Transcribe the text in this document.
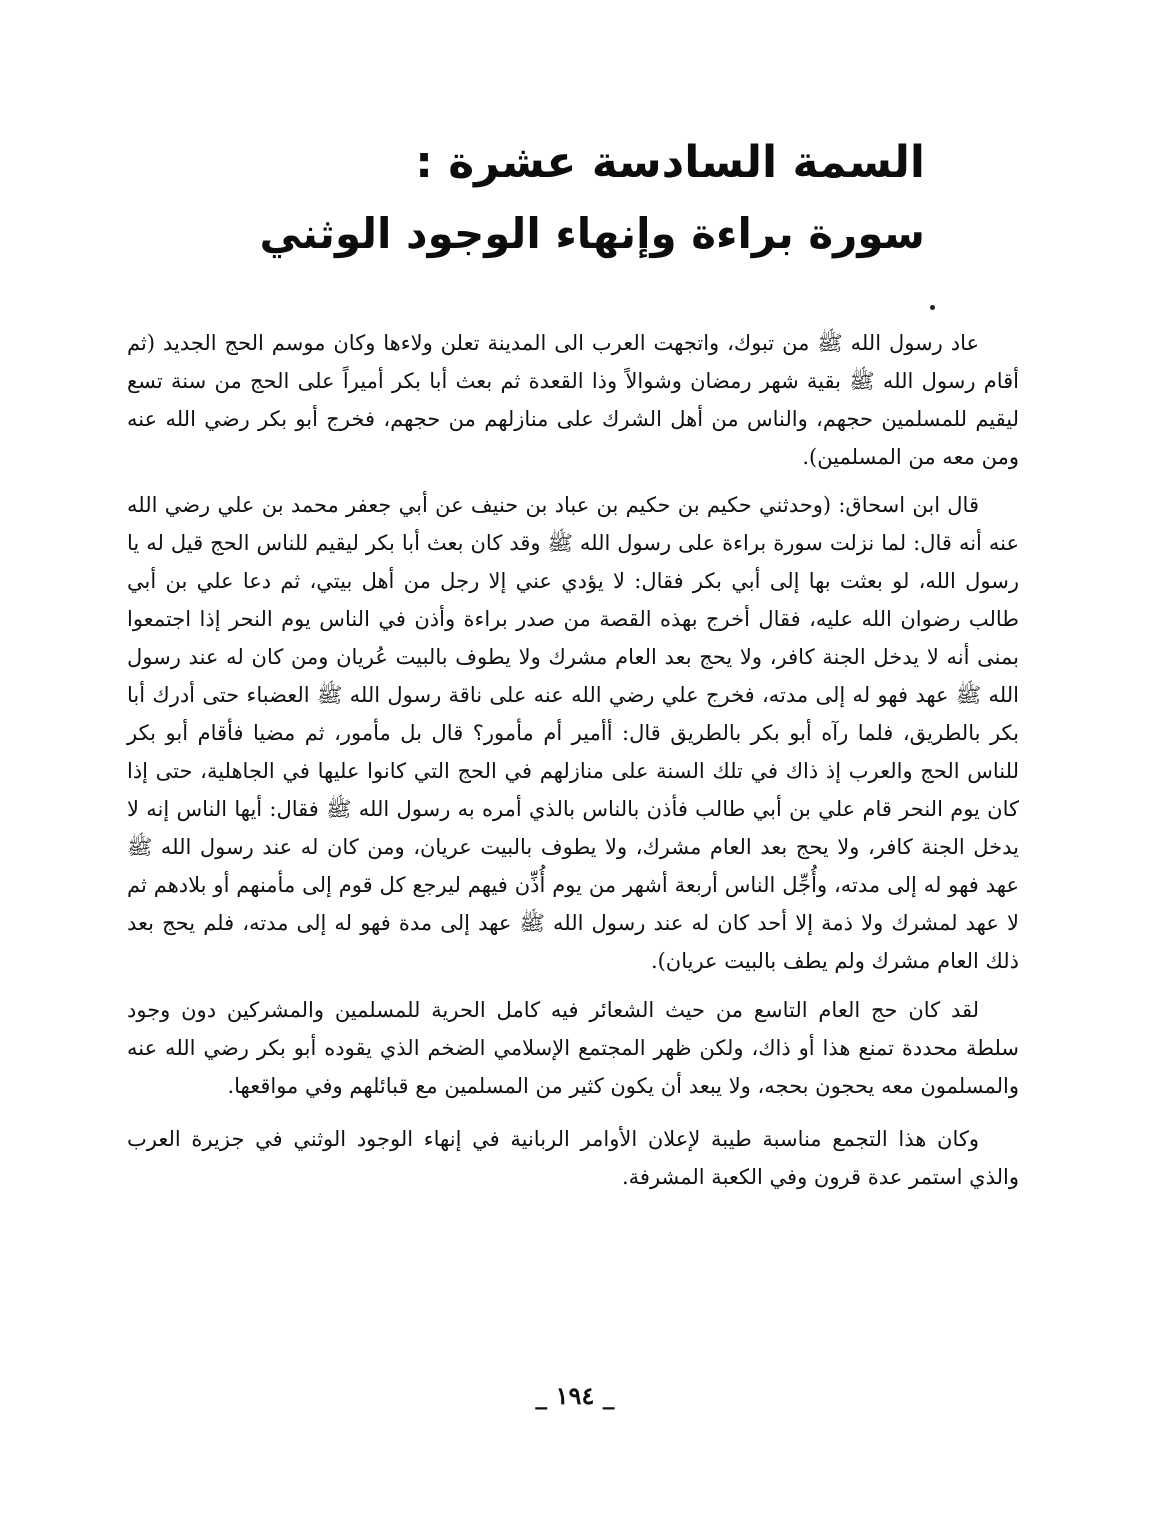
السمة السادسة عشرة :
سورة براءة وإنهاء الوجود الوثني

عاد رسول الله ﷺ من تبوك، واتجهت العرب الى المدينة تعلن ولاءها وكان موسم الحج الجديد (ثم أقام رسول الله ﷺ بقية شهر رمضان وشوالاً وذا القعدة ثم بعث أبا بكر أميراً على الحج من سنة تسع ليقيم للمسلمين حجهم، والناس من أهل الشرك على منازلهم من حجهم، فخرج أبو بكر رضي الله عنه ومن معه من المسلمين).

قال ابن اسحاق: (وحدثني حكيم بن حكيم بن عباد بن حنيف عن أبي جعفر محمد بن علي رضي الله عنه أنه قال: لما نزلت سورة براءة على رسول الله ﷺ وقد كان بعث أبا بكر ليقيم للناس الحج قيل له يا رسول الله، لو بعثت بها إلى أبي بكر فقال: لا يؤدي عني إلا رجل من أهل بيتي، ثم دعا علي بن أبي طالب رضوان الله عليه، فقال أخرج بهذه القصة من صدر براءة وأذن في الناس يوم النحر إذا اجتمعوا بمنى أنه لا يدخل الجنة كافر، ولا يحج بعد العام مشرك ولا يطوف بالبيت عُريان ومن كان له عند رسول الله ﷺ عهد فهو له إلى مدته، فخرج علي رضي الله عنه على ناقة رسول الله ﷺ العضباء حتى أدرك أبا بكر بالطريق، فلما رآه أبو بكر بالطريق قال: أأمير أم مأمور؟ قال بل مأمور، ثم مضيا فأقام أبو بكر للناس الحج والعرب إذ ذاك في تلك السنة على منازلهم في الحج التي كانوا عليها في الجاهلية، حتى إذا كان يوم النحر قام علي بن أبي طالب فأذن بالناس بالذي أمره به رسول الله ﷺ فقال: أيها الناس إنه لا يدخل الجنة كافر، ولا يحج بعد العام مشرك، ولا يطوف بالبيت عريان، ومن كان له عند رسول الله ﷺ عهد فهو له إلى مدته، وأُجِّل الناس أربعة أشهر من يوم أُذِّن فيهم ليرجع كل قوم إلى مأمنهم أو بلادهم ثم لا عهد لمشرك ولا ذمة إلا أحد كان له عند رسول الله ﷺ عهد إلى مدة فهو له إلى مدته، فلم يحج بعد ذلك العام مشرك ولم يطف بالبيت عريان).

لقد كان حج العام التاسع من حيث الشعائر فيه كامل الحرية للمسلمين والمشركين دون وجود سلطة محددة تمنع هذا أو ذاك، ولكن ظهر المجتمع الإسلامي الضخم الذي يقوده أبو بكر رضي الله عنه والمسلمون معه يحجون بحجه، ولا يبعد أن يكون كثير من المسلمين مع قبائلهم وفي مواقعها.

وكان هذا التجمع مناسبة طيبة لإعلان الأوامر الربانية في إنهاء الوجود الوثني في جزيرة العرب والذي استمر عدة قرون وفي الكعبة المشرفة.

_ ١٩٤ _
